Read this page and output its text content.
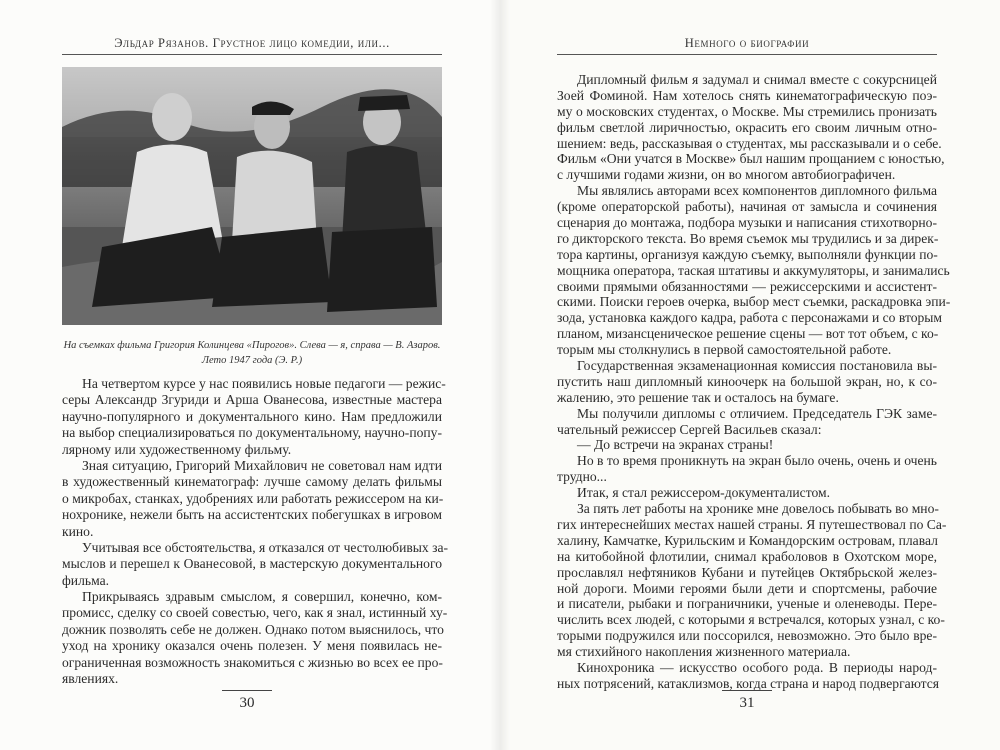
Эльдар Рязанов. Грустное лицо комедии, или...
На съемках фильма Григория Колинцева «Пирогов». Слева — я, справа — В. Азаров.
Лето 1947 года (Э. Р.)
На четвертом курсе у нас появились новые педагоги — режис-
серы Александр Згуриди и Арша Ованесова, известные мастера
научно-популярного и документального кино. Нам предложили
на выбор специализироваться по документальному, научно-попу-
лярному или художественному фильму.
Зная ситуацию, Григорий Михайлович не советовал нам идти
в художественный кинематограф: лучше самому делать фильмы
о микробах, станках, удобрениях или работать режиссером на ки-
нохронике, нежели быть на ассистентских побегушках в игровом
кино.
Учитывая все обстоятельства, я отказался от честолюбивых за-
мыслов и перешел к Ованесовой, в мастерскую документального
фильма.
Прикрываясь здравым смыслом, я совершил, конечно, ком-
промисс, сделку со своей совестью, чего, как я знал, истинный ху-
дожник позволять себе не должен. Однако потом выяснилось, что
уход на хронику оказался очень полезен. У меня появилась не-
ограниченная возможность знакомиться с жизнью во всех ее про-
явлениях.
30
Немного о биографии
Дипломный фильм я задумал и снимал вместе с сокурсницей
Зоей Фоминой. Нам хотелось снять кинематографическую поэ-
му о московских студентах, о Москве. Мы стремились пронизать
фильм светлой лиричностью, окрасить его своим личным отно-
шением: ведь, рассказывая о студентах, мы рассказывали и о себе.
Фильм «Они учатся в Москве» был нашим прощанием с юностью,
с лучшими годами жизни, он во многом автобиографичен.
Мы являлись авторами всех компонентов дипломного фильма
(кроме операторской работы), начиная от замысла и сочинения
сценария до монтажа, подбора музыки и написания стихотворно-
го дикторского текста. Во время съемок мы трудились и за дирек-
тора картины, организуя каждую съемку, выполняли функции по-
мощника оператора, таская штативы и аккумуляторы, и занимались
своими прямыми обязанностями — режиссерскими и ассистент-
скими. Поиски героев очерка, выбор мест съемки, раскадровка эпи-
зода, установка каждого кадра, работа с персонажами и со вторым
планом, мизансценическое решение сцены — вот тот объем, с ко-
торым мы столкнулись в первой самостоятельной работе.
Государственная экзаменационная комиссия постановила вы-
пустить наш дипломный киноочерк на большой экран, но, к со-
жалению, это решение так и осталось на бумаге.
Мы получили дипломы с отличием. Председатель ГЭК заме-
чательный режиссер Сергей Васильев сказал:
— До встречи на экранах страны!
Но в то время проникнуть на экран было очень, очень и очень
трудно...
Итак, я стал режиссером-документалистом.
За пять лет работы на хронике мне довелось побывать во мно-
гих интереснейших местах нашей страны. Я путешествовал по Са-
халину, Камчатке, Курильским и Командорским островам, плавал
на китобойной флотилии, снимал краболовов в Охотском море,
прославлял нефтяников Кубани и путейцев Октябрьской желез-
ной дороги. Моими героями были дети и спортсмены, рабочие
и писатели, рыбаки и пограничники, ученые и оленеводы. Пере-
числить всех людей, с которыми я встречался, которых узнал, с ко-
торыми подружился или поссорился, невозможно. Это было вре-
мя стихийного накопления жизненного материала.
Кинохроника — искусство особого рода. В периоды народ-
ных потрясений, катаклизмов, когда страна и народ подвергаются
31
